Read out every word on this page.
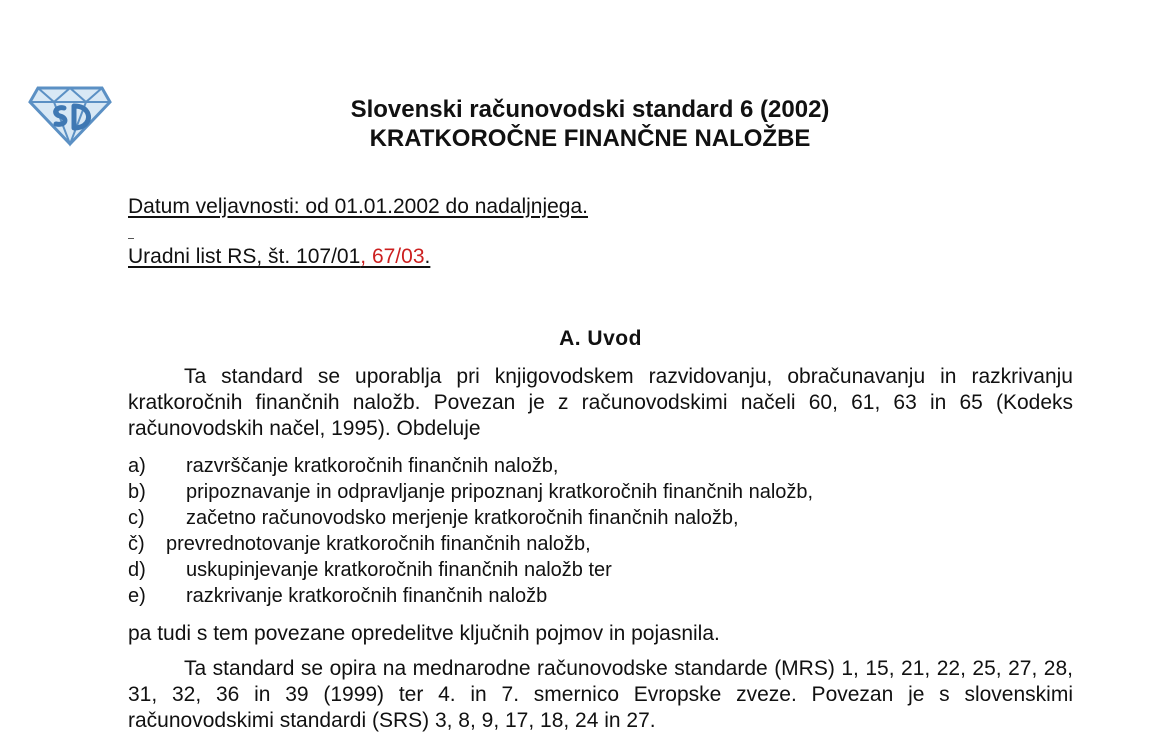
Slovenski računovodski standard 6 (2002)
KRATKOROČNE FINANČNE NALOŽBE
Datum veljavnosti: od 01.01.2002 do nadaljnjega.
Uradni list RS, št. 107/01, 67/03.
A. Uvod

Ta standard se uporablja pri knjigovodskem razvidovanju, obračunavanju in razkrivanju kratkoročnih finančnih naložb. Povezan je z računovodskimi načeli 60, 61, 63 in 65 (Kodeks računovodskih načel, 1995). Obdeluje

a) razvrščanje kratkoročnih finančnih naložb,
b) pripoznavanje in odpravljanje pripoznanj kratkoročnih finančnih naložb,
c) začetno računovodsko merjenje kratkoročnih finančnih naložb,
č) prevrednotovanje kratkoročnih finančnih naložb,
d) uskupinjevanje kratkoročnih finančnih naložb ter
e) razkrivanje kratkoročnih finančnih naložb
pa tudi s tem povezane opredelitve ključnih pojmov in pojasnila.

Ta standard se opira na mednarodne računovodske standarde (MRS) 1, 15, 21, 22, 25, 27, 28, 31, 32, 36 in 39 (1999) ter 4. in 7. smernico Evropske zveze. Povezan je s slovenskimi računovodskimi standardi (SRS) 3, 8, 9, 17, 18, 24 in 27.
